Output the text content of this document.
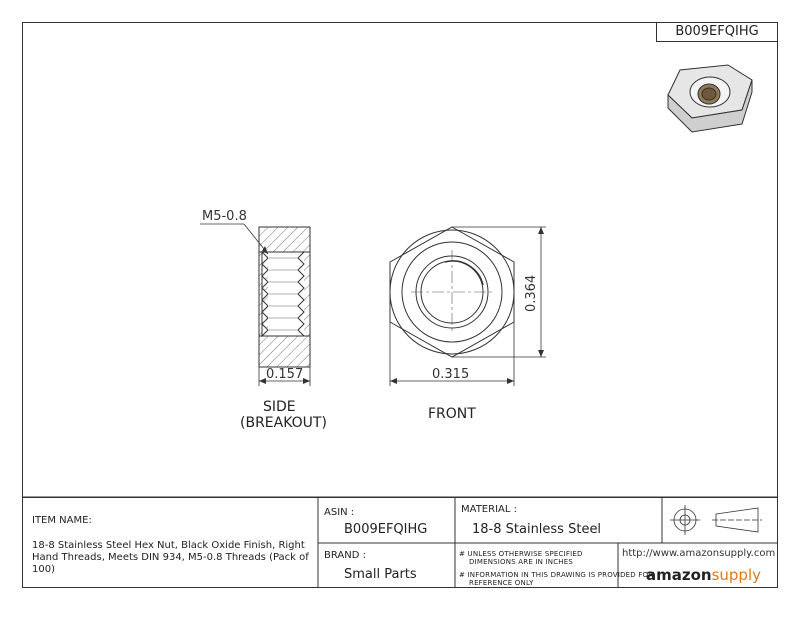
B009EFQIHG
M5-0.8
0.157	0.315
0.364
SIDE
(BREAKOUT)
FRONT
ITEM NAME:
18-8 Stainless Steel Hex Nut, Black Oxide Finish, Right Hand Threads, Meets DIN 934, M5-0.8 Threads (Pack of 100)
ASIN :
B009EFQIHG
MATERIAL :
18-8 Stainless Steel
BRAND :
Small Parts
# UNLESS OTHERWISE SPECIFIED
DIMENSIONS ARE IN INCHES
# INFORMATION IN THIS DRAWING IS PROVIDED FOR
REFERENCE ONLY
http://www.amazonsupply.com
amazonsupply
